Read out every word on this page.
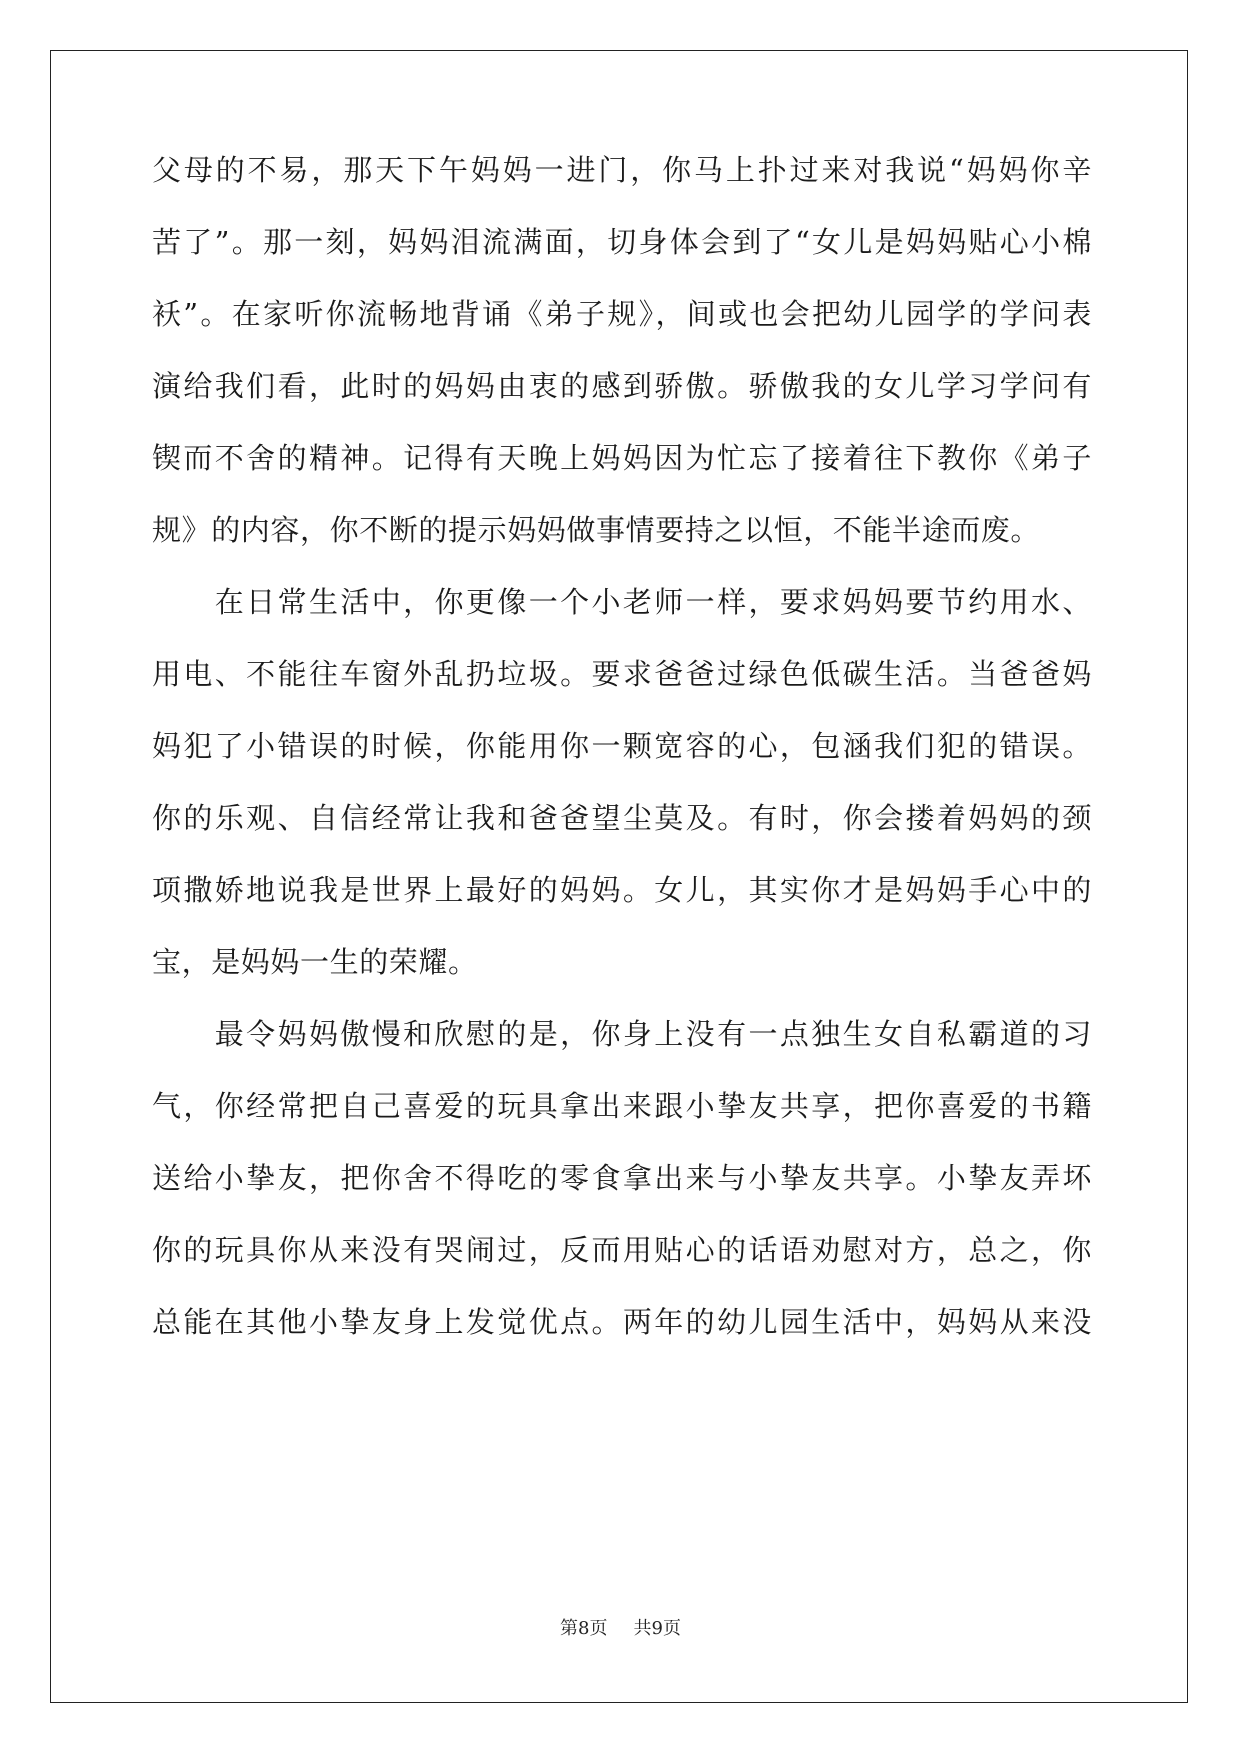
父母的不易，那天下午妈妈一进门，你马上扑过来对我说“妈妈你辛
苦了”。那一刻，妈妈泪流满面，切身体会到了“女儿是妈妈贴心小棉
袄”。在家听你流畅地背诵《弟子规》，间或也会把幼儿园学的学问表
演给我们看，此时的妈妈由衷的感到骄傲。骄傲我的女儿学习学问有
锲而不舍的精神。记得有天晚上妈妈因为忙忘了接着往下教你《弟子
规》的内容，你不断的提示妈妈做事情要持之以恒，不能半途而废。
　　在日常生活中，你更像一个小老师一样，要求妈妈要节约用水、
用电、不能往车窗外乱扔垃圾。要求爸爸过绿色低碳生活。当爸爸妈
妈犯了小错误的时候，你能用你一颗宽容的心，包涵我们犯的错误。
你的乐观、自信经常让我和爸爸望尘莫及。有时，你会搂着妈妈的颈
项撒娇地说我是世界上最好的妈妈。女儿，其实你才是妈妈手心中的
宝，是妈妈一生的荣耀。
　　最令妈妈傲慢和欣慰的是，你身上没有一点独生女自私霸道的习
气，你经常把自己喜爱的玩具拿出来跟小挚友共享，把你喜爱的书籍
送给小挚友，把你舍不得吃的零食拿出来与小挚友共享。小挚友弄坏
你的玩具你从来没有哭闹过，反而用贴心的话语劝慰对方，总之，你
总能在其他小挚友身上发觉优点。两年的幼儿园生活中，妈妈从来没
第8页 共9页
